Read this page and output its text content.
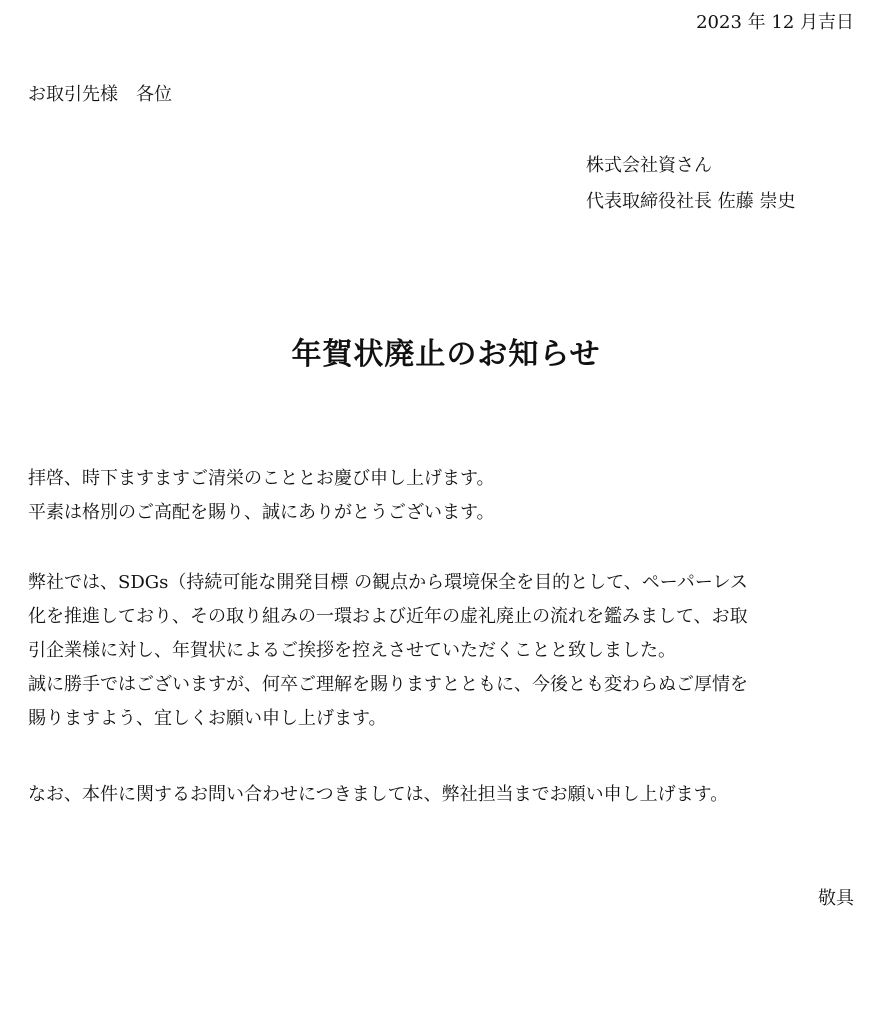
2023 年 12 月吉日
お取引先様　各位
株式会社資さん
代表取締役社長 佐藤 崇史
年賀状廃止のお知らせ

拝啓、時下ますますご清栄のこととお慶び申し上げます。

平素は格別のご高配を賜り、誠にありがとうございます。

弊社では、SDGs（持続可能な開発目標 の観点から環境保全を目的として、ペーパーレス

化を推進しており、その取り組みの一環および近年の虚礼廃止の流れを鑑みまして、お取

引企業様に対し、年賀状によるご挨拶を控えさせていただくことと致しました。

誠に勝手ではございますが、何卒ご理解を賜りますとともに、今後とも変わらぬご厚情を

賜りますよう、宜しくお願い申し上げます。

なお、本件に関するお問い合わせにつきましては、弊社担当までお願い申し上げます。

敬具
